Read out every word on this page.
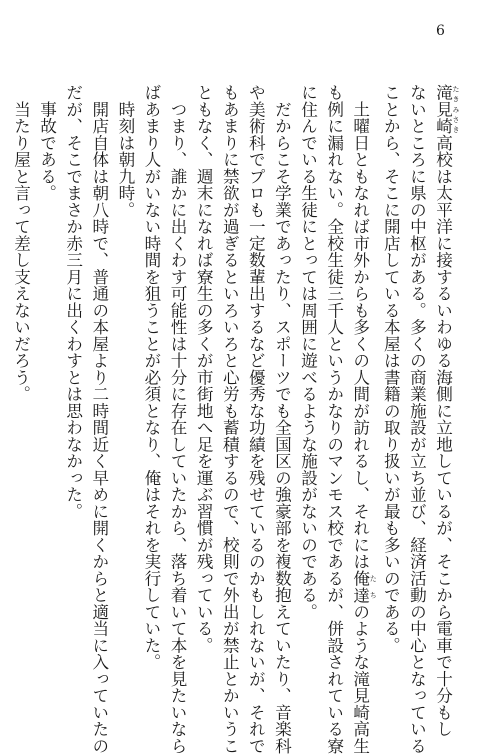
6
滝見崎 たきみさき高校は太平洋に接するいわゆる海側に立地しているが、そこから電車で十分もし
ないところに県の中枢がある。多くの商業施設が立ち並び、経済活動の中心となっている
ことから、そこに開店している本屋は書籍の取り扱いが最も多いのである。
　土曜日ともなれば市外からも多くの人間が訪れるし、それには俺達 たちのような滝見崎高生
も例に漏れない。全校生徒三千人というかなりのマンモス校であるが、併設されている寮
に住んでいる生徒にとっては周囲に遊べるような施設がないのである。
　だからこそ学業であったり、スポーツでも全国区の強豪部を複数抱えていたり、音楽科
や美術科でプロも一定数輩出するなど優秀な功績を残せているのかもしれないが、それで
もあまりに禁欲が過ぎるといろいろと心労も蓄積するので、校則で外出が禁止とかいうこ
ともなく、週末になれば寮生の多くが市街地へ足を運ぶ習慣が残っている。
　つまり、誰かに出くわす可能性は十分に存在していたから、落ち着いて本を見たいなら
ばあまり人がいない時間を狙うことが必須となり、俺はそれを実行していた。
　時刻は朝九時。
　開店自体は朝八時で、普通の本屋より二時間近く早めに開くからと適当に入っていたの
だが、そこでまさか赤三月に出くわすとは思わなかった。
　事故である。
　当たり屋と言って差し支えないだろう。
